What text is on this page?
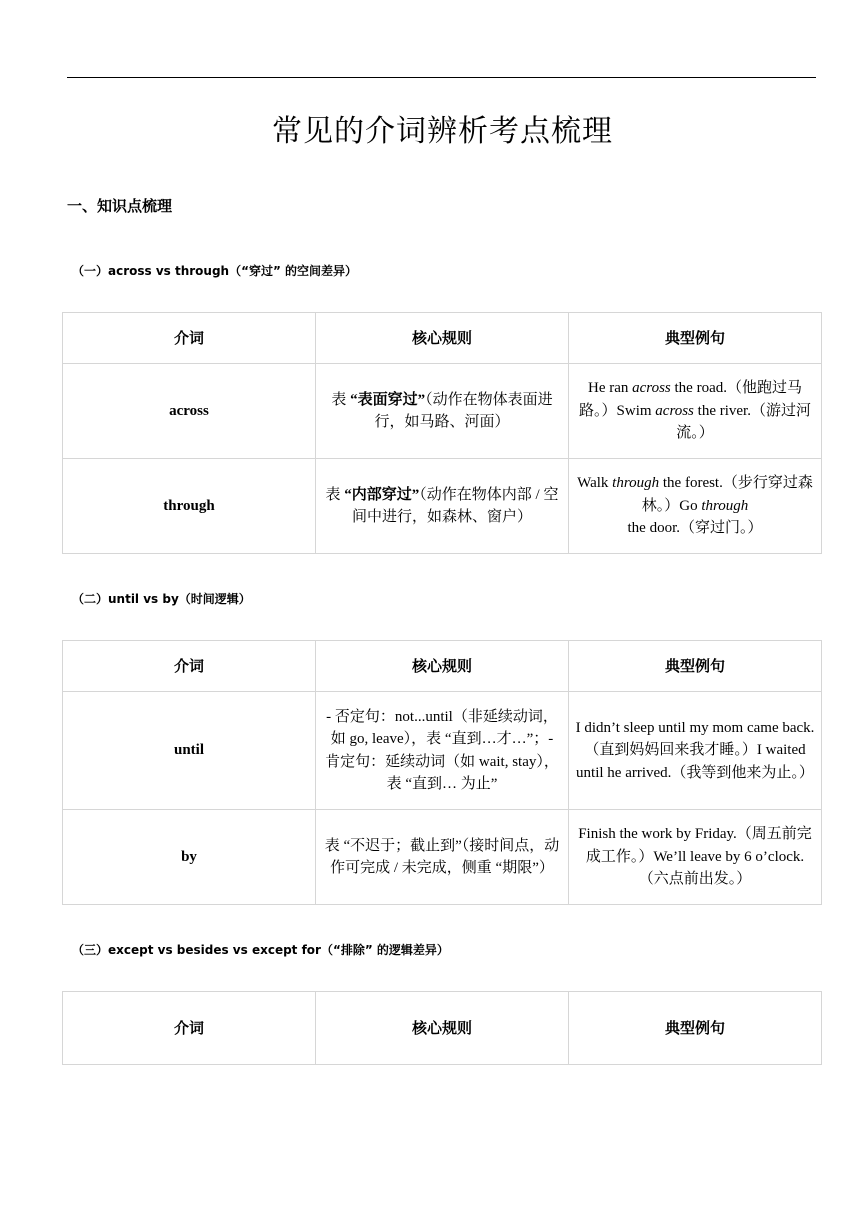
常见的介词辨析考点梳理
一、知识点梳理
（一）across vs through（“穿过” 的空间差异）
介词	核心规则	典型例句
across	表 “表面穿过”（动作在物体表面进行，如马路、河面）	He ran across the road.（他跑过马路。）Swim across the river.（游过河流。）
through	表 “内部穿过”（动作在物体内部 / 空间中进行，如森林、窗户）	Walk through the forest.（步行穿过森林。）Go through the door.（穿过门。）
（二）until vs by（时间逻辑）
介词	核心规则	典型例句
until	- 否定句：not...until（非延续动词，如 go, leave），表 “直到…才…”；- 肯定句：延续动词（如 wait, stay），表 “直到… 为止”	I didn’t sleep until my mom came back.（直到妈妈回来我才睡。）I waited until he arrived.（我等到他来为止。）
by	表 “不迟于；截止到”（接时间点，动作可完成 / 未完成，侧重 “期限”）	Finish the work by Friday.（周五前完成工作。）We’ll leave by 6 o’clock.（六点前出发。）
（三）except vs besides vs except for（“排除” 的逻辑差异）
介词	核心规则	典型例句
